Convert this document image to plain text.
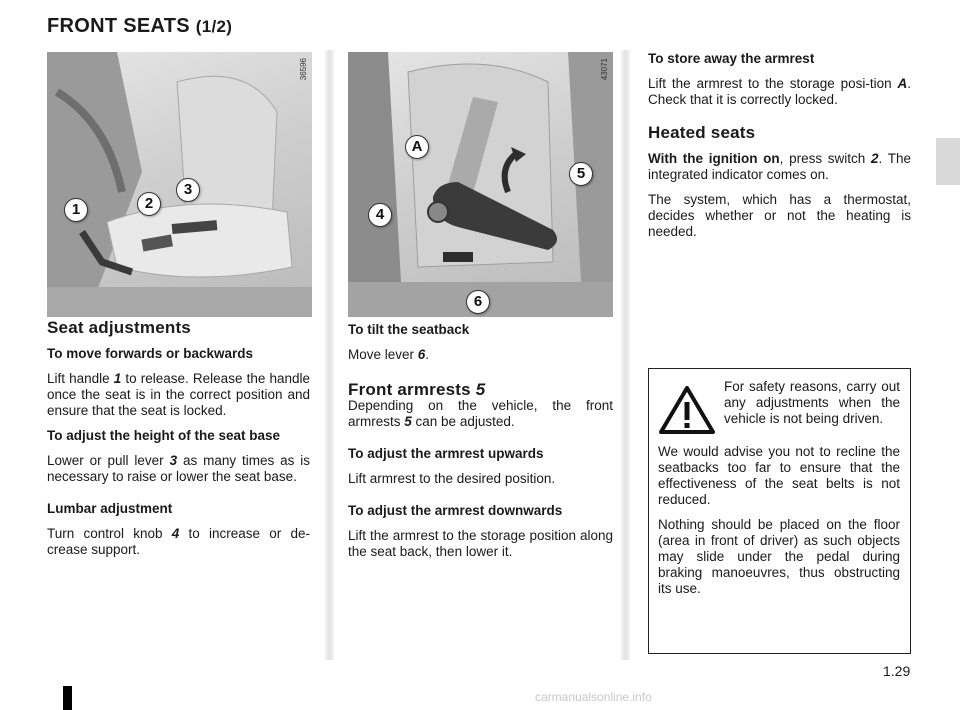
FRONT SEATS (1/2)
36596
1	2
3
43071
A
5
4
6
Seat adjustments

To move forwards or backwards

Lift handle 1 to release. Release the handle once the seat is in the correct position and ensure that the seat is locked.

To adjust the height of the seat base

Lower or pull lever 3 as many times as is necessary to raise or lower the seat base.

Lumbar adjustment

Turn control knob 4 to increase or de-crease support.

To tilt the seatback

Move lever 6.

Front armrests 5

Depending on the vehicle, the front armrests 5 can be adjusted.

To adjust the armrest upwards

Lift armrest to the desired position.

To adjust the armrest downwards

Lift the armrest to the storage position along the seat back, then lower it.

To store away the armrest

Lift the armrest to the storage posi-tion A. Check that it is correctly locked.

Heated seats

With the ignition on, press switch 2. The integrated indicator comes on.

The system, which has a thermostat, decides whether or not the heating is needed.

For safety reasons, carry out any adjustments when the vehicle is not being driven.

We would advise you not to recline the seatbacks too far to ensure that the effectiveness of the seat belts is not reduced.

Nothing should be placed on the floor (area in front of driver) as such objects may slide under the pedal during braking manoeuvres, thus obstructing its use.

1.29
carmanualsonline.info
